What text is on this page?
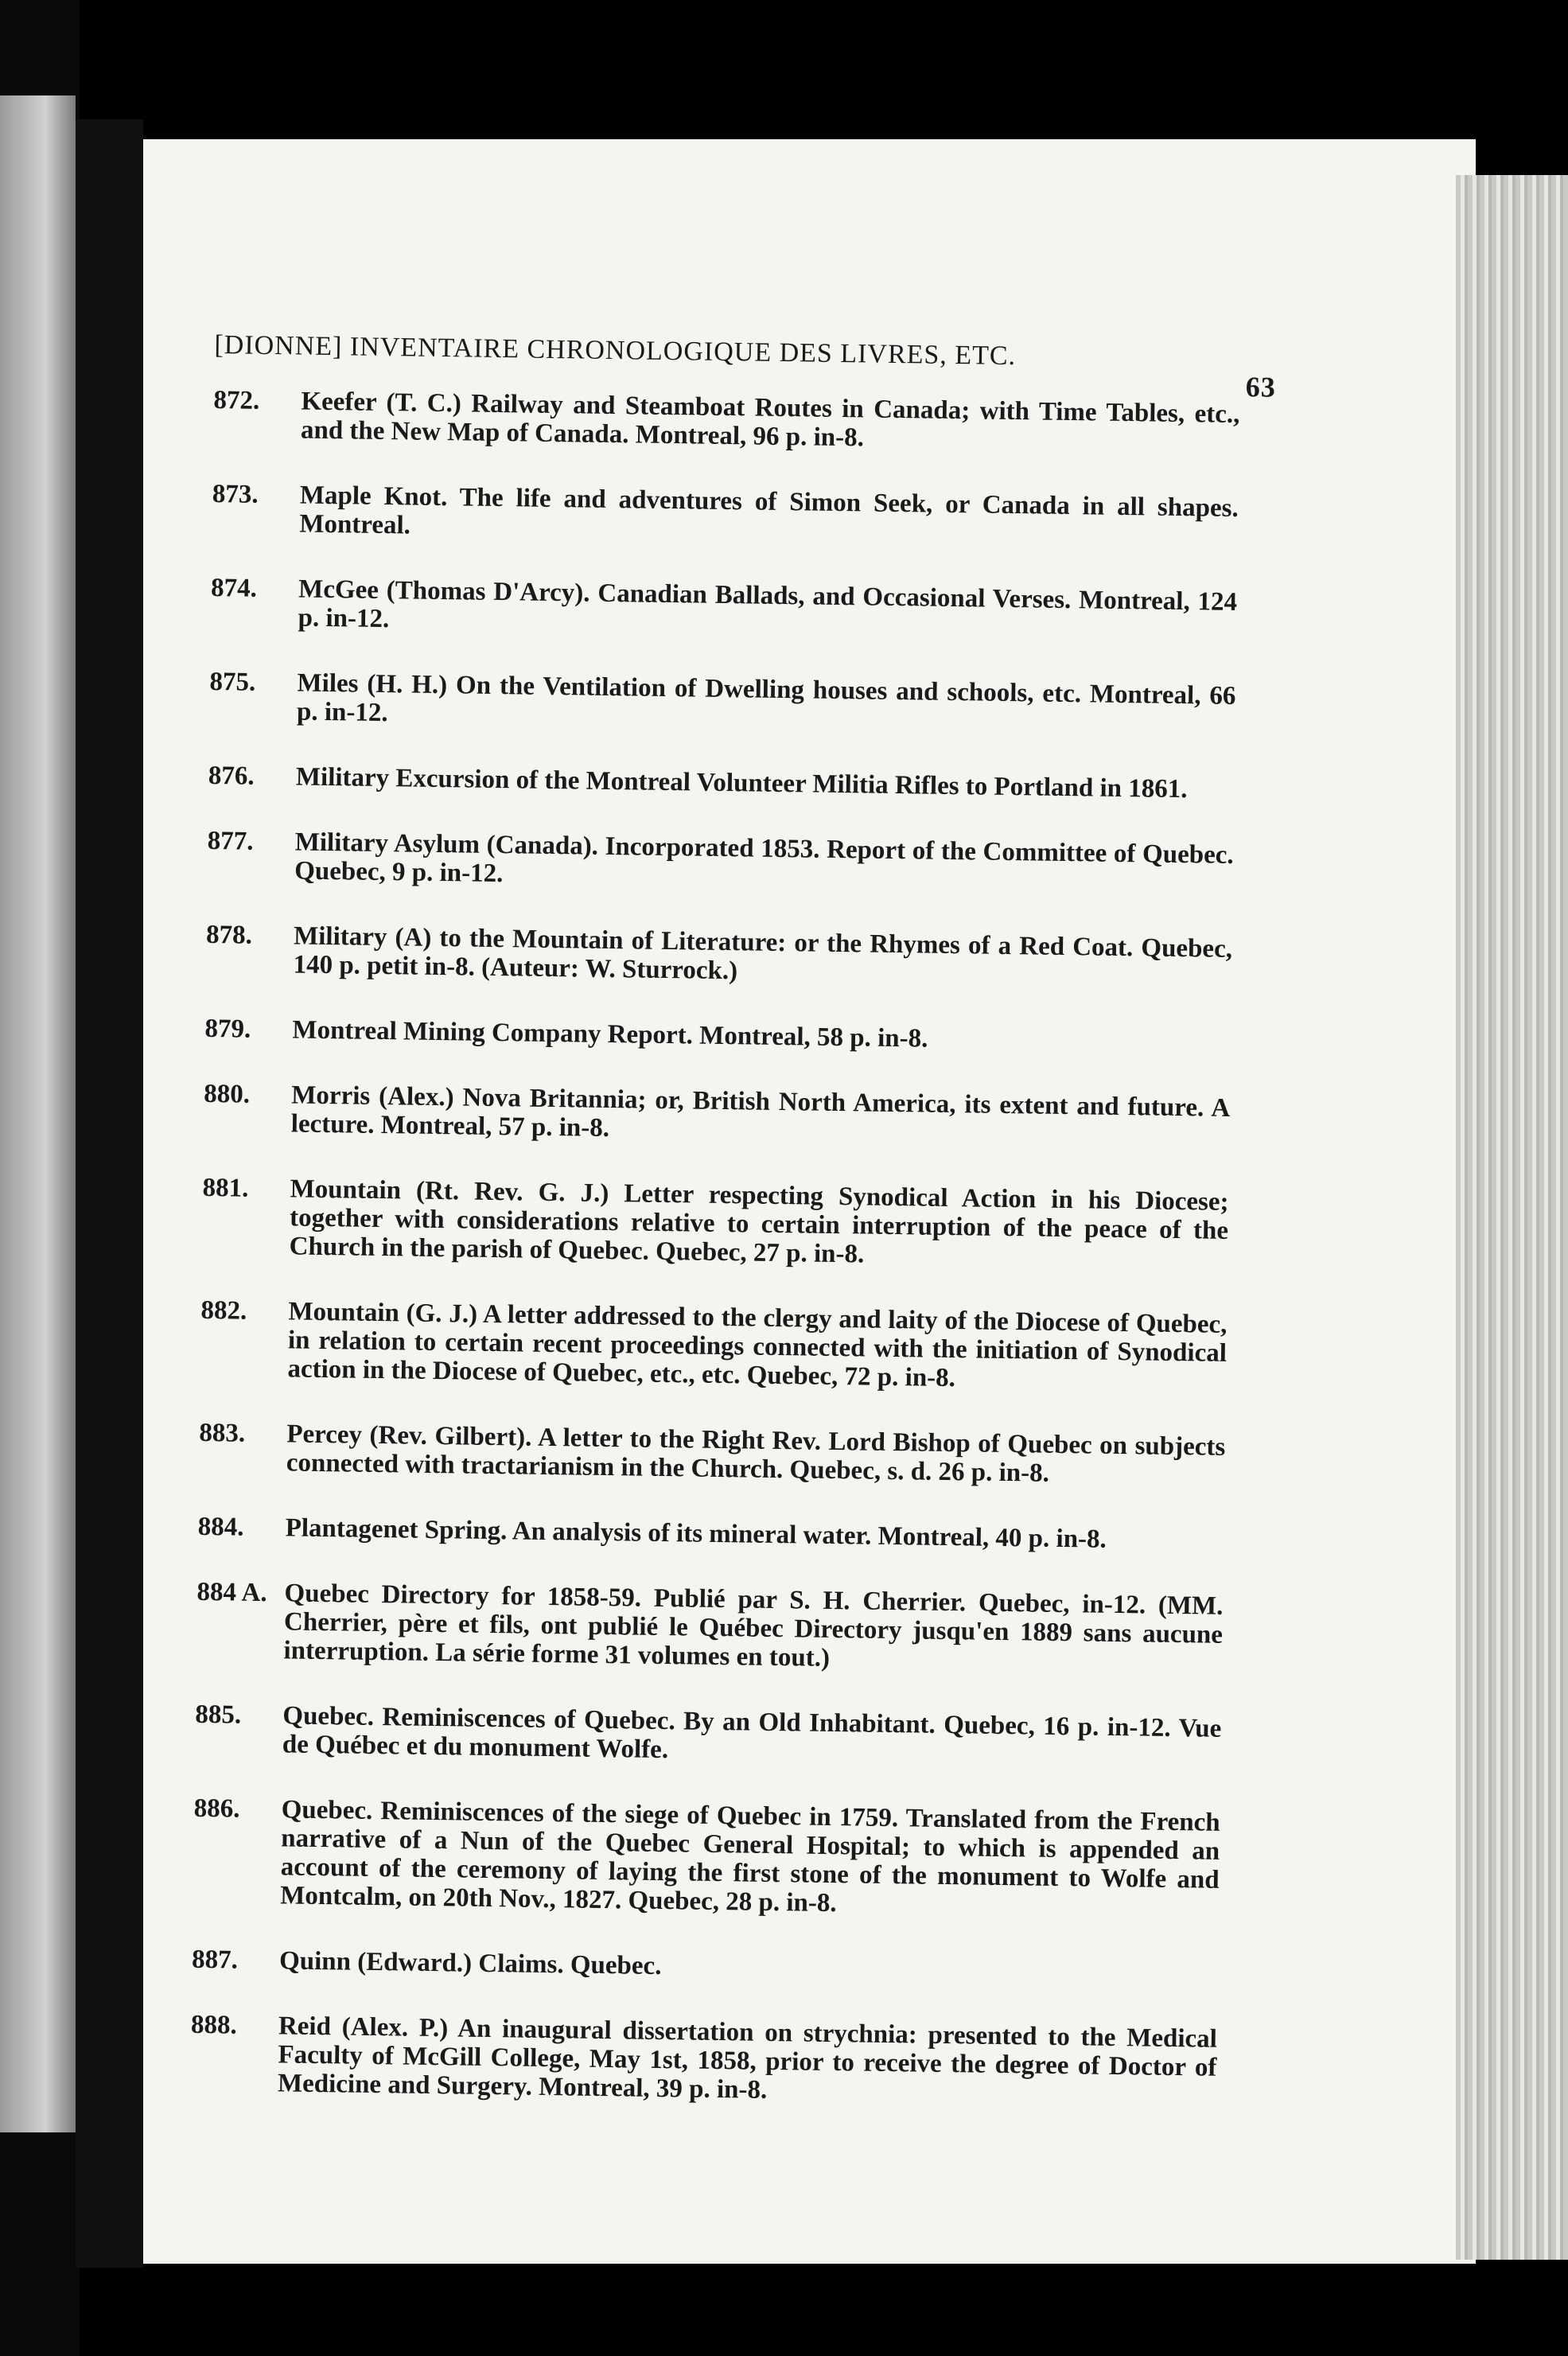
[DIONNE] INVENTAIRE CHRONOLOGIQUE DES LIVRES, ETC.
63
872. Keefer (T. C.) Railway and Steamboat Routes in Canada; with Time Tables, etc., and the New Map of Canada. Montreal, 96 p. in-8.
873. Maple Knot. The life and adventures of Simon Seek, or Canada in all shapes. Montreal.
874. McGee (Thomas D'Arcy). Canadian Ballads, and Occasional Verses. Montreal, 124 p. in-12.
875. Miles (H. H.) On the Ventilation of Dwelling houses and schools, etc. Montreal, 66 p. in-12.
876. Military Excursion of the Montreal Volunteer Militia Rifles to Portland in 1861.
877. Military Asylum (Canada). Incorporated 1853. Report of the Committee of Quebec. Quebec, 9 p. in-12.
878. Military (A) to the Mountain of Literature: or the Rhymes of a Red Coat. Quebec, 140 p. petit in-8. (Auteur: W. Sturrock.)
879. Montreal Mining Company Report. Montreal, 58 p. in-8.
880. Morris (Alex.) Nova Britannia; or, British North America, its extent and future. A lecture. Montreal, 57 p. in-8.
881. Mountain (Rt. Rev. G. J.) Letter respecting Synodical Action in his Diocese; together with considerations relative to certain interruption of the peace of the Church in the parish of Quebec. Quebec, 27 p. in-8.
882. Mountain (G. J.) A letter addressed to the clergy and laity of the Diocese of Quebec, in relation to certain recent proceedings connected with the initiation of Synodical action in the Diocese of Quebec, etc., etc. Quebec, 72 p. in-8.
883. Percey (Rev. Gilbert). A letter to the Right Rev. Lord Bishop of Quebec on subjects connected with tractarianism in the Church. Quebec, s. d. 26 p. in-8.
884. Plantagenet Spring. An analysis of its mineral water. Montreal, 40 p. in-8.
884 A. Quebec Directory for 1858-59. Publié par S. H. Cherrier. Quebec, in-12. (MM. Cherrier, père et fils, ont publié le Québec Directory jusqu'en 1889 sans aucune interruption. La série forme 31 volumes en tout.)
885. Quebec. Reminiscences of Quebec. By an Old Inhabitant. Quebec, 16 p. in-12. Vue de Québec et du monument Wolfe.
886. Quebec. Reminiscences of the siege of Quebec in 1759. Translated from the French narrative of a Nun of the Quebec General Hospital; to which is appended an account of the ceremony of laying the first stone of the monument to Wolfe and Montcalm, on 20th Nov., 1827. Quebec, 28 p. in-8.
887. Quinn (Edward.) Claims. Quebec.
888. Reid (Alex. P.) An inaugural dissertation on strychnia: presented to the Medical Faculty of McGill College, May 1st, 1858, prior to receive the degree of Doctor of Medicine and Surgery. Montreal, 39 p. in-8.
